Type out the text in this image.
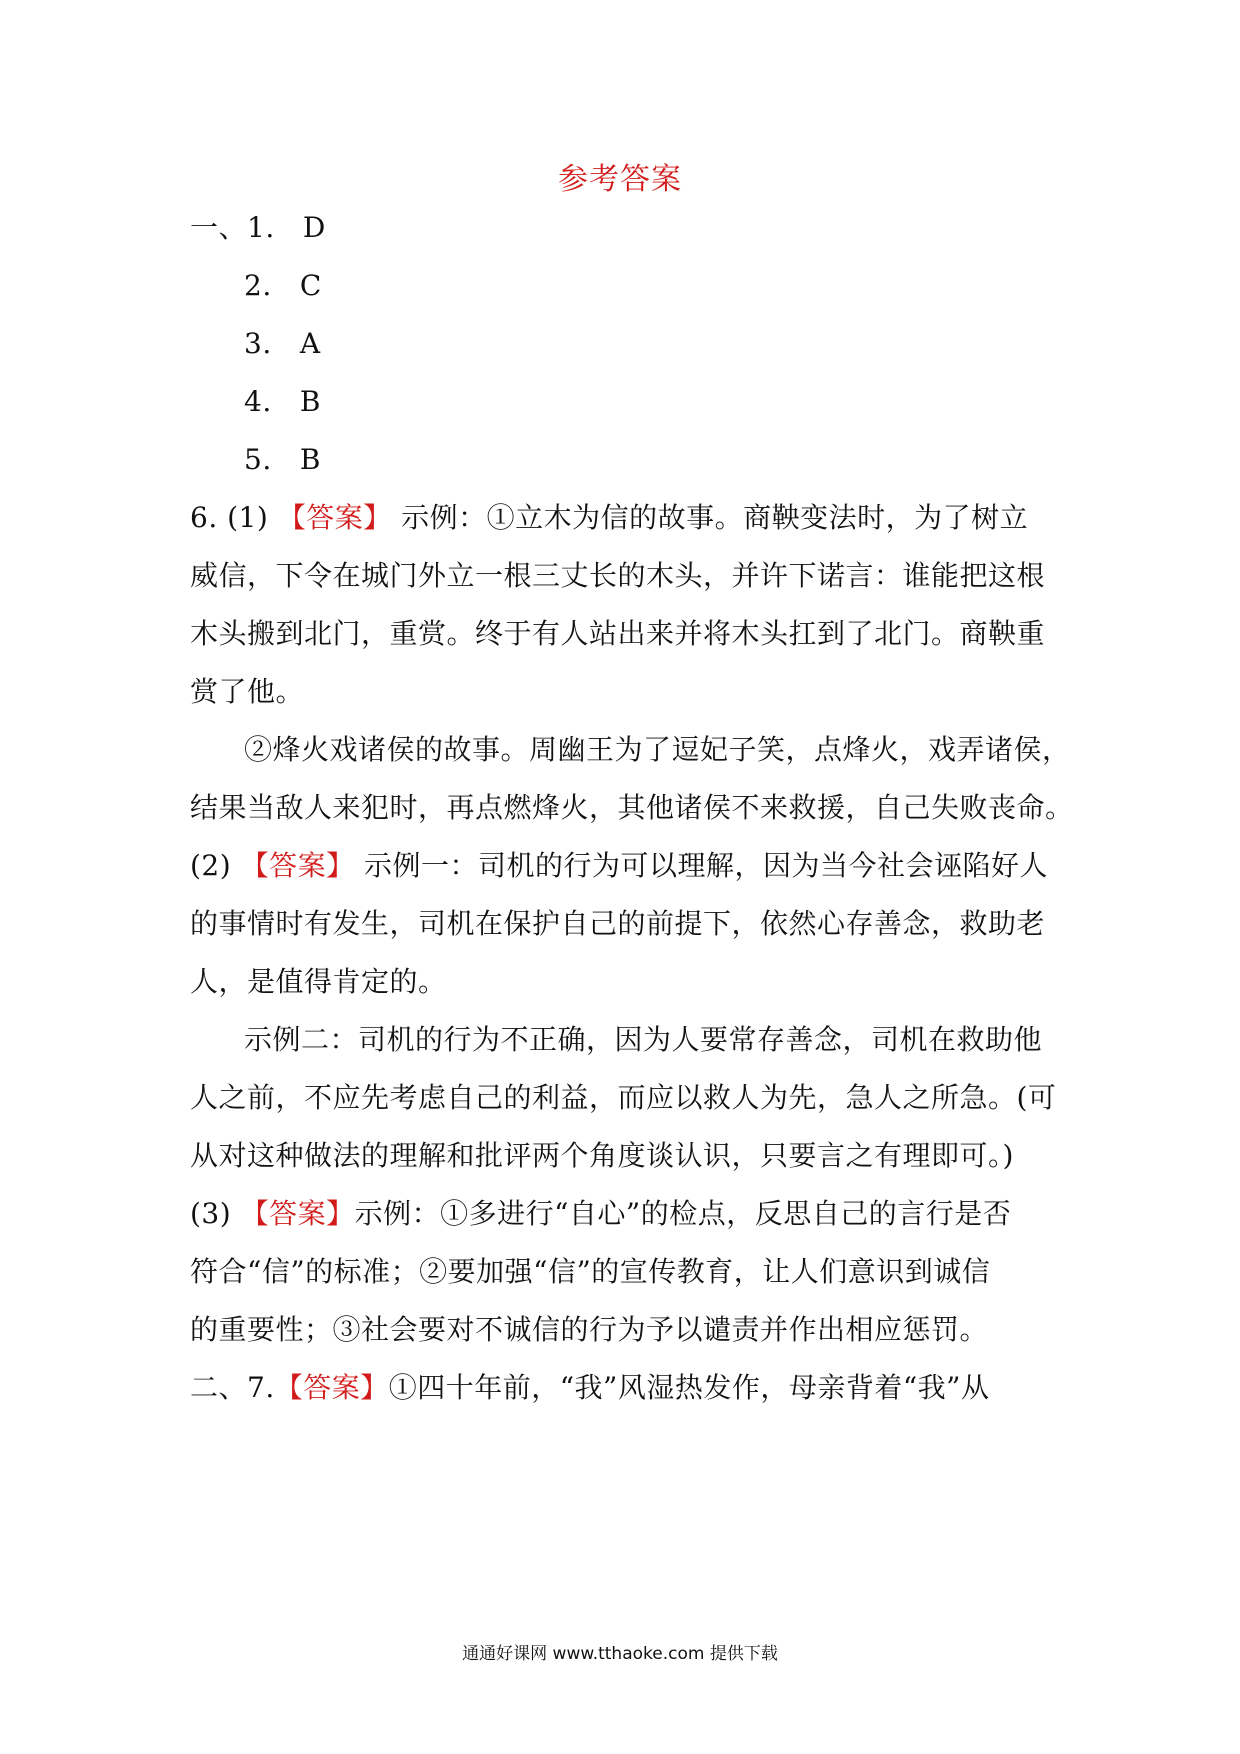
参考答案
一、1. D
2. C
3. A
4. B
5. B
6. (1) 【答案】 示例：①立木为信的故事。商鞅变法时，为了树立
威信，下令在城门外立一根三丈长的木头，并许下诺言：谁能把这根
木头搬到北门，重赏。终于有人站出来并将木头扛到了北门。商鞅重
赏了他。
②烽火戏诸侯的故事。周幽王为了逗妃子笑，点烽火，戏弄诸侯，
结果当敌人来犯时，再点燃烽火，其他诸侯不来救援，自己失败丧命。
(2) 【答案】 示例一：司机的行为可以理解，因为当今社会诬陷好人
的事情时有发生，司机在保护自己的前提下，依然心存善念，救助老
人，是值得肯定的。
示例二：司机的行为不正确，因为人要常存善念，司机在救助他
人之前，不应先考虑自己的利益，而应以救人为先，急人之所急。(可
从对这种做法的理解和批评两个角度谈认识，只要言之有理即可。)
(3) 【答案】示例：①多进行“自心”的检点，反思自己的言行是否
符合“信”的标准；②要加强“信”的宣传教育，让人们意识到诚信
的重要性；③社会要对不诚信的行为予以谴责并作出相应惩罚。
二、7.【答案】①四十年前，“我”风湿热发作，母亲背着“我”从
通通好课网 www.tthaoke.com 提供下载
